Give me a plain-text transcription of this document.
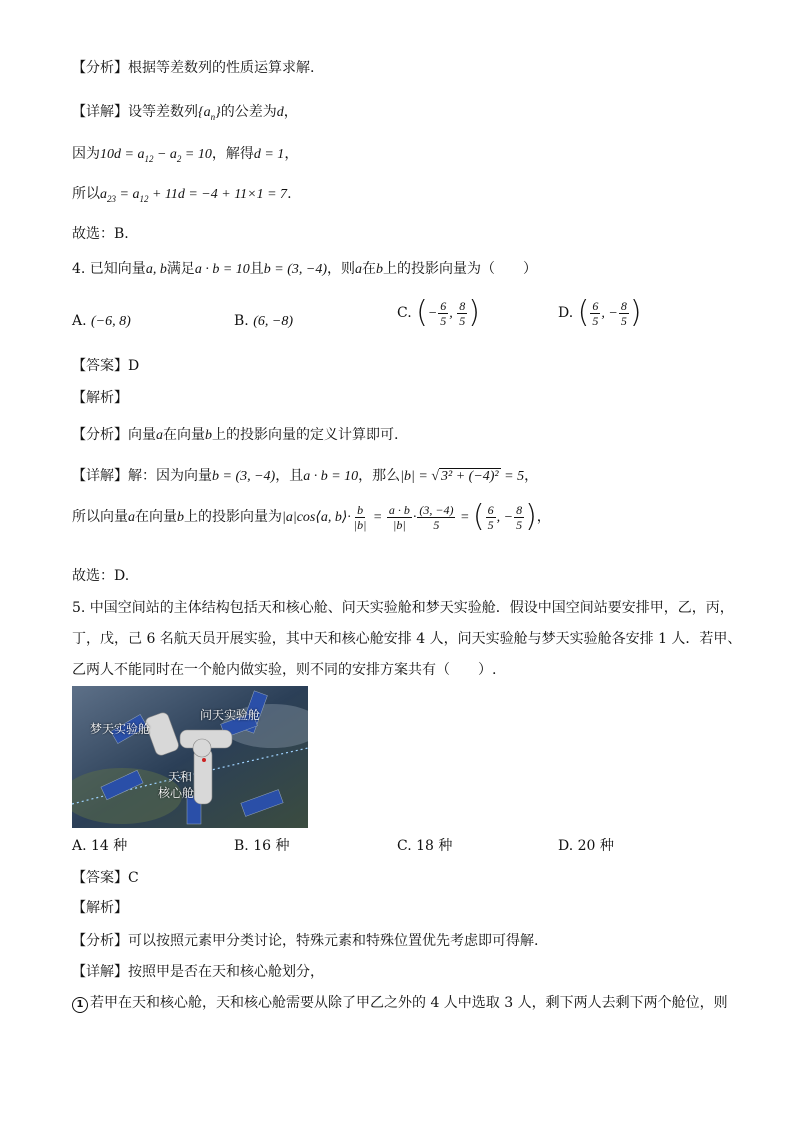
【分析】根据等差数列的性质运算求解.
【详解】设等差数列$\{a_n\}$的公差为d，
因为$10d = a_{12} - a_2 = 10$，解得d = 1，
所以$a_{23} = a_{12} + 11d = -4 + 11\times 1 = 7$.
故选：B.
4. 已知向量a, b满足a · b = 10且b = (3, −4)，则a在b上的投影向量为（　　）
A. (−6, 8)	B. (6, −8)
C. (− $\frac{6}{5}$ , $\frac{8}{5}$ )	D. ( $\frac{6}{5}$ , − $\frac{8}{5}$ )
【答案】D
【解析】
【分析】向量a在向量b上的投影向量的定义计算即可.
【详解】解：因为向量b = (3, −4)，且a · b = 10，那么|b| = √ 3² + (−4)² = 5，
所以向量a在向量b上的投影向量为|a|cos⟨a, b⟩· $\frac{b}{|b|} = \frac{a \cdot b}{|b|} \cdot \frac{(3, -4)}{5}$ = ( $\frac{6}{5}$ , − $\frac{8}{5}$ )，
故选：D.
5. 中国空间站的主体结构包括天和核心舱、问天实验舱和梦天实验舱．假设中国空间站要安排甲，乙，丙，
丁，戊，己 6 名航天员开展实验，其中天和核心舱安排 4 人，问天实验舱与梦天实验舱各安排 1 人．若甲、
乙两人不能同时在一个舱内做实验，则不同的安排方案共有（　　）.
梦天实验舱
问天实验舱
天和
核心舱
A. 14 种	B. 16 种	C. 18 种	D. 20 种
【答案】C
【解析】
【分析】可以按照元素甲分类讨论，特殊元素和特殊位置优先考虑即可得解.
【详解】按照甲是否在天和核心舱划分，
1 若甲在天和核心舱，天和核心舱需要从除了甲乙之外的 4 人中选取 3 人，剩下两人去剩下两个舱位，则
